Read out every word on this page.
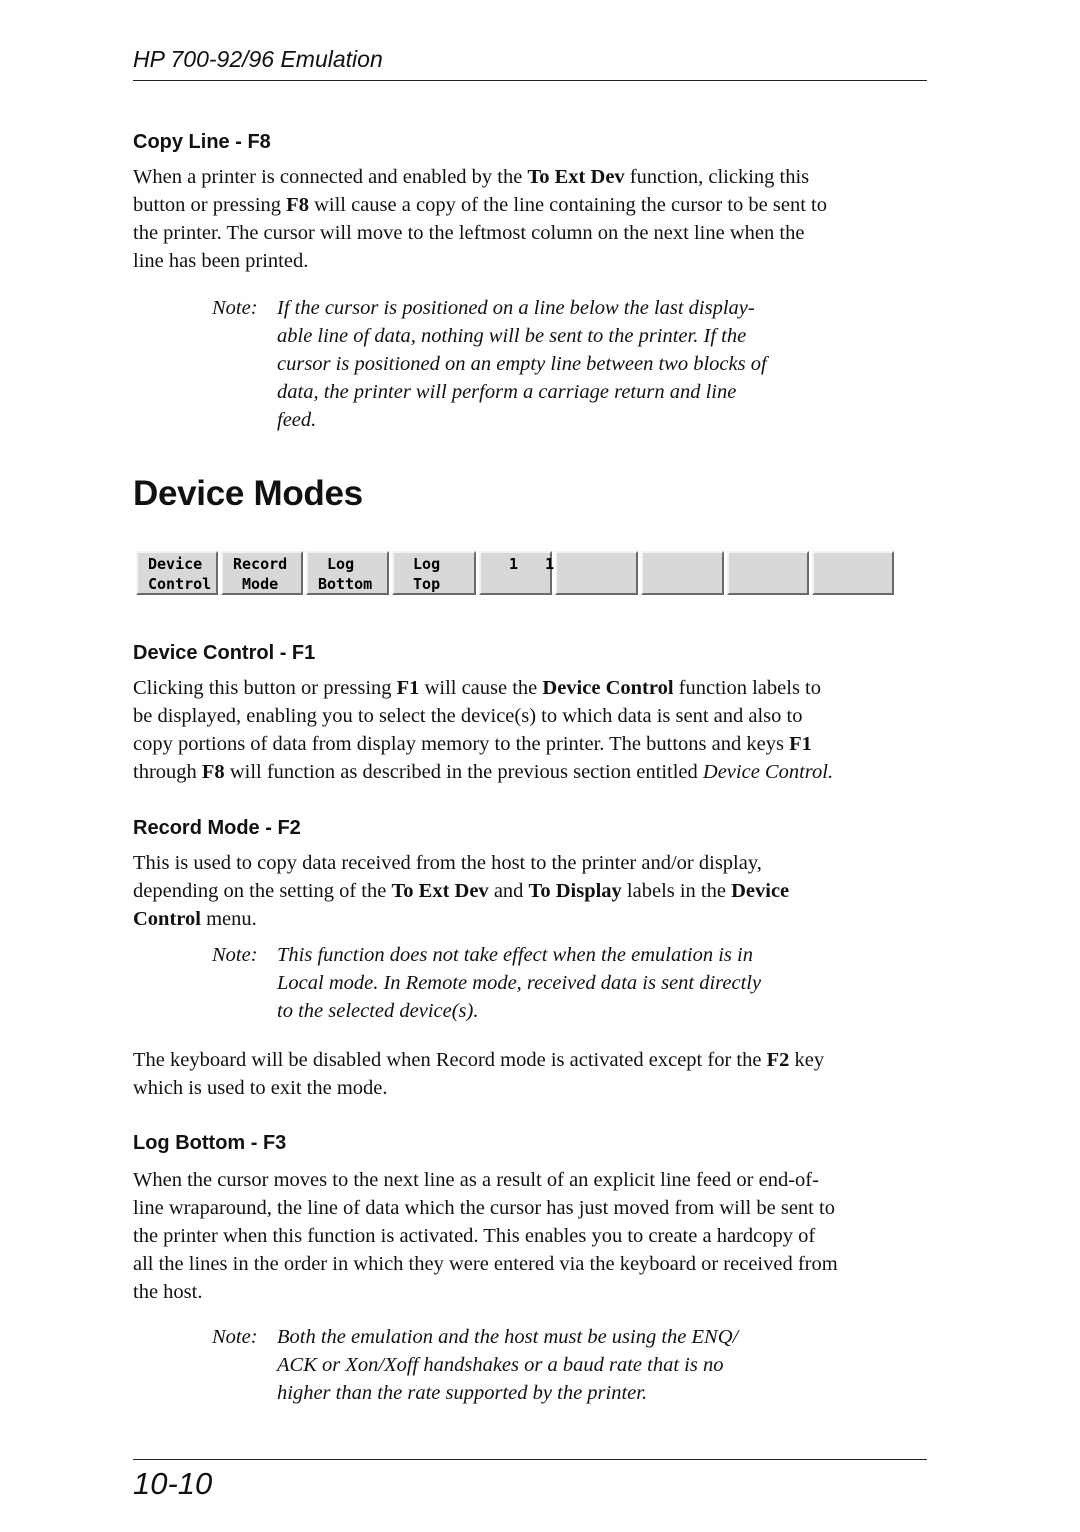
HP 700-92/96 Emulation
Copy Line - F8
When a printer is connected and enabled by the To Ext Dev function, clicking this
button or pressing F8 will cause a copy of the line containing the cursor to be sent to
the printer. The cursor will move to the leftmost column on the next line when the
line has been printed.
Note: If the cursor is positioned on a line below the last display-
able line of data, nothing will be sent to the printer. If the
cursor is positioned on an empty line between two blocks of
data, the printer will perform a carriage return and line
feed.
Device Modes
Device
Control
Record
Mode
Log
Bottom
Log
Top
1   1
Device Control - F1
Clicking this button or pressing F1 will cause the Device Control function labels to
be displayed, enabling you to select the device(s) to which data is sent and also to
copy portions of data from display memory to the printer. The buttons and keys F1
through F8 will function as described in the previous section entitled Device Control.
Record Mode - F2
This is used to copy data received from the host to the printer and/or display,
depending on the setting of the To Ext Dev and To Display labels in the Device
Control menu.
Note: This function does not take effect when the emulation is in
Local mode. In Remote mode, received data is sent directly
to the selected device(s).
The keyboard will be disabled when Record mode is activated except for the F2 key
which is used to exit the mode.
Log Bottom - F3
When the cursor moves to the next line as a result of an explicit line feed or end-of-
line wraparound, the line of data which the cursor has just moved from will be sent to
the printer when this function is activated. This enables you to create a hardcopy of
all the lines in the order in which they were entered via the keyboard or received from
the host.
Note: Both the emulation and the host must be using the ENQ/
ACK or Xon/Xoff handshakes or a baud rate that is no
higher than the rate supported by the printer.
10-10
